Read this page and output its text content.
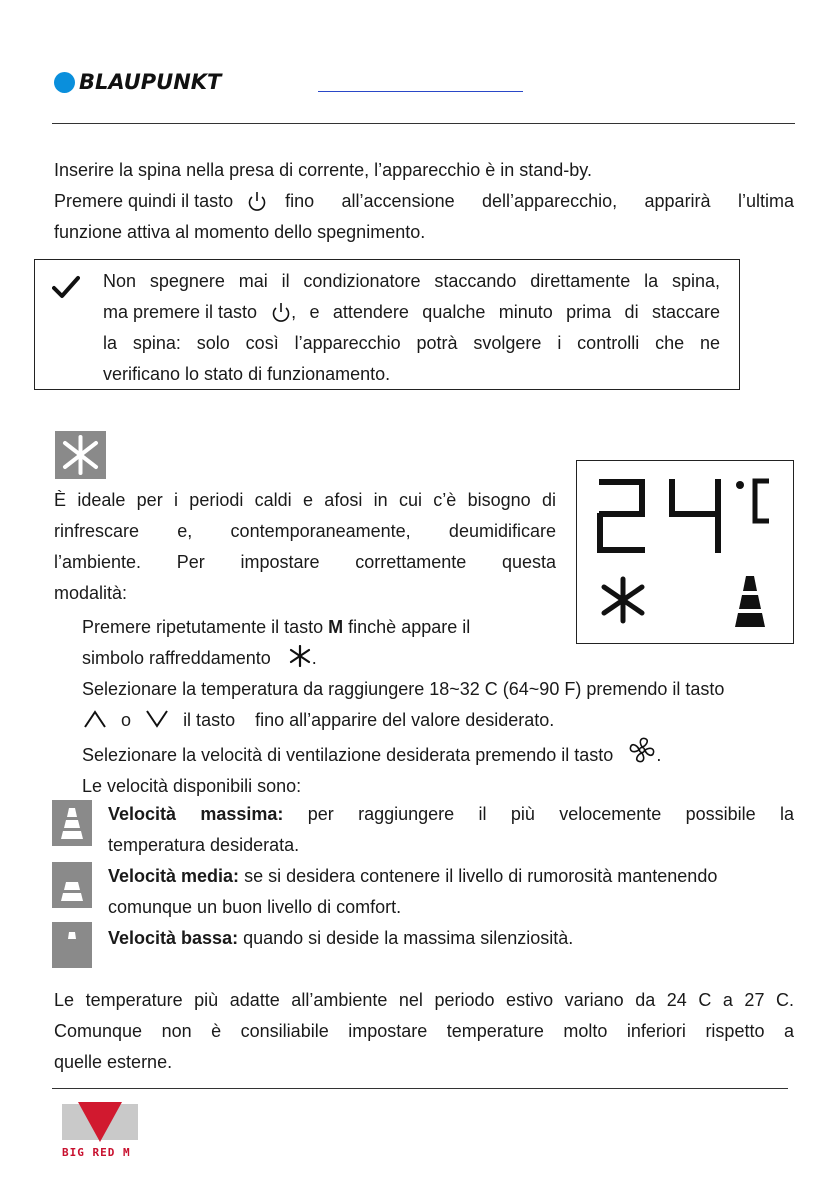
BLAUPUNKT
Inserire la spina nella presa di corrente, l’apparecchio è in stand-by.
Premere quindi il tasto	fino all’accensione dell’apparecchio, apparirà l’ultima
funzione attiva al momento dello spegnimento.
Non spegnere mai il condizionatore staccando direttamente la spina,
ma premere il tasto , e attendere qualche minuto prima di staccare
la spina: solo così l’apparecchio potrà svolgere i controlli che ne
verificano lo stato di funzionamento.
È ideale per i periodi caldi e afosi in cui c’è bisogno di
rinfrescare e, contemporaneamente, deumidificare
l’ambiente. Per impostare correttamente questa
modalità:
Premere ripetutamente il tasto M finchè appare il
simbolo raffreddamento .
Selezionare la temperatura da raggiungere 18~32 C (64~90 F) premendo il tasto
o	il tasto    fino all’apparire del valore desiderato.
Selezionare la velocità di ventilazione desiderata premendo il tasto .
Le velocità disponibili sono:
Velocità massima: per raggiungere il più velocemente possibile la
temperatura desiderata.
Velocità media: se si desidera contenere il livello di rumorosità mantenendo
comunque un buon livello di comfort.
Velocità bassa: quando si deside la massima silenziosità.
Le temperature più adatte all’ambiente nel periodo estivo variano da 24 C a 27 C.
Comunque non è consiliabile impostare temperature molto inferiori rispetto a
quelle esterne.
BIG RED M
